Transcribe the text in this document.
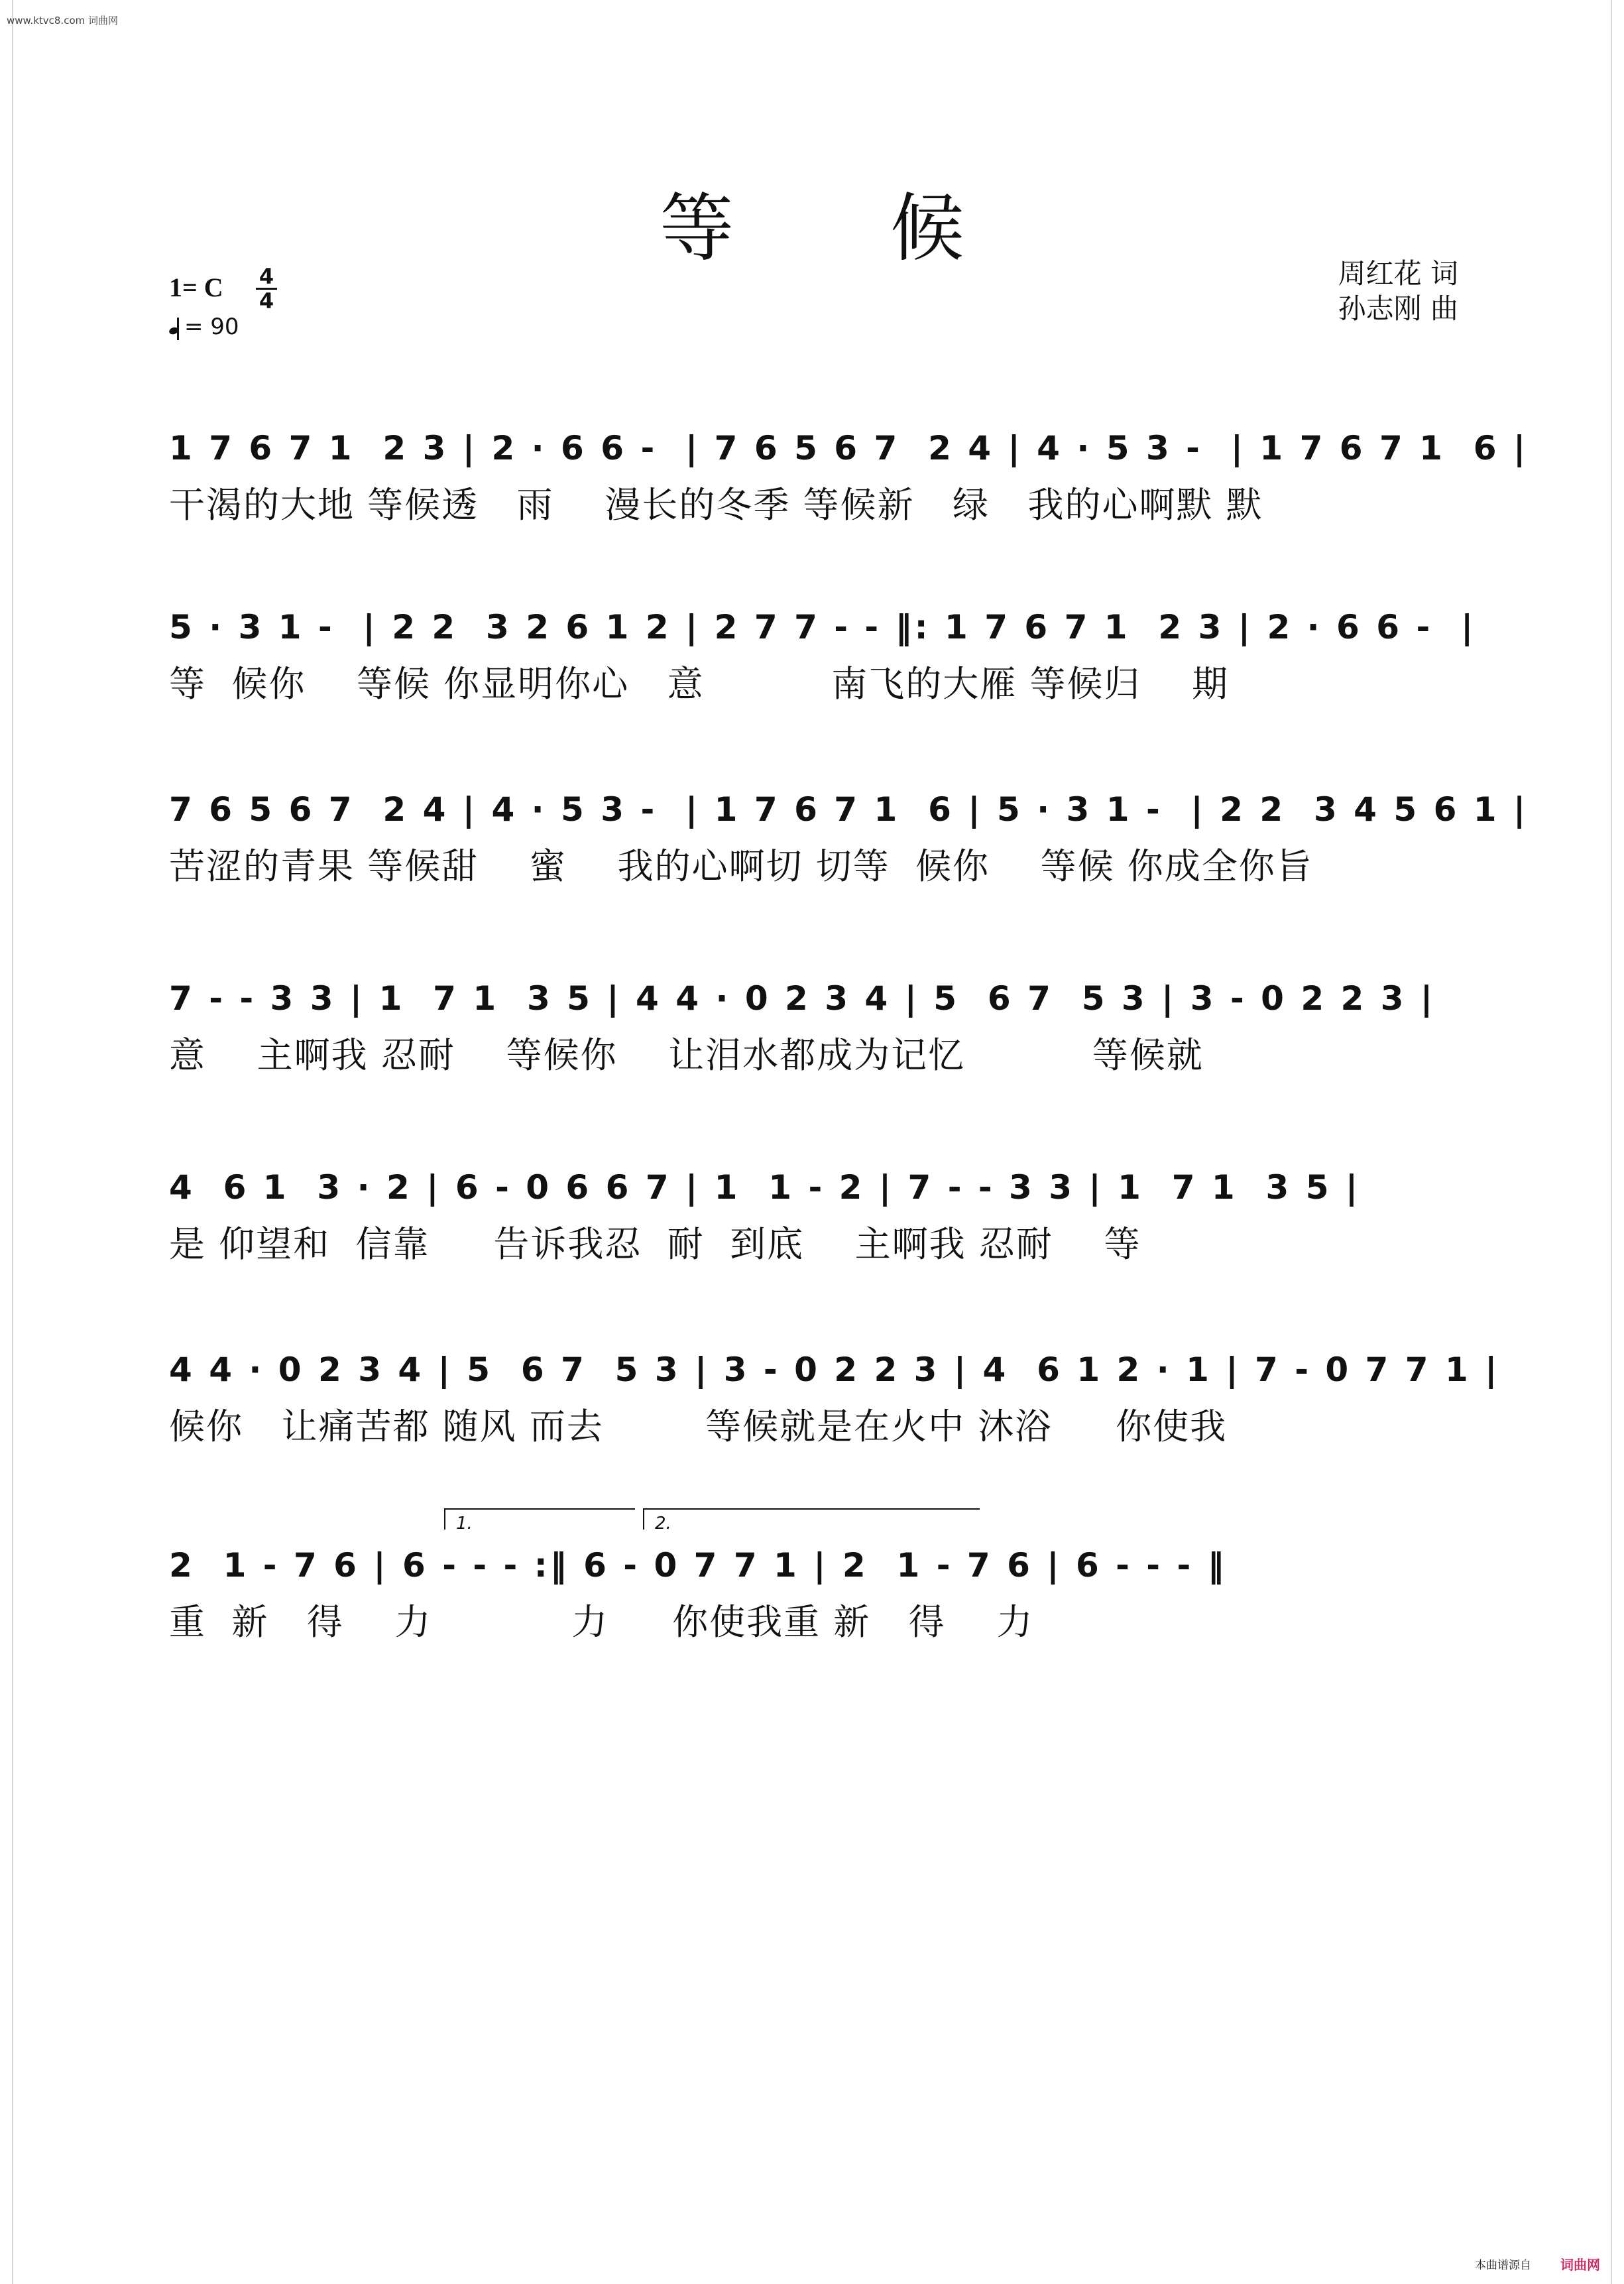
www.ktvc8.com 词曲网
等 候
1= C 4
4
= 90
周红花 词
孙志刚 曲
1 7 6 7 1  2 3 | 2 · 6 6 -  | 7 6 5 6 7  2 4 | 4 · 5 3 -  | 1 7 6 7 1  6 |
干渴的大地 等候透   雨    漫长的冬季 等候新   绿   我的心啊默 默
5 · 3 1 -  | 2 2  3 2 6 1 2 | 2 7 7 - - ‖: 1 7 6 7 1  2 3 | 2 · 6 6 -  |
等  候你    等候 你显明你心   意          南飞的大雁 等候归    期
7 6 5 6 7  2 4 | 4 · 5 3 -  | 1 7 6 7 1  6 | 5 · 3 1 -  | 2 2  3 4 5 6 1 |
苦涩的青果 等候甜    蜜    我的心啊切 切等  候你    等候 你成全你旨
7 - - 3 3 | 1  7 1  3 5 | 4 4 · 0 2 3 4 | 5  6 7  5 3 | 3 - 0 2 2 3 |
意    主啊我 忍耐    等候你    让泪水都成为记忆          等候就
4  6 1  3 · 2 | 6 - 0 6 6 7 | 1  1 - 2 | 7 - - 3 3 | 1  7 1  3 5 |
是 仰望和  信靠     告诉我忍  耐  到底    主啊我 忍耐    等
4 4 · 0 2 3 4 | 5  6 7  5 3 | 3 - 0 2 2 3 | 4  6 1 2 · 1 | 7 - 0 7 7 1 |
候你   让痛苦都 随风 而去        等候就是在火中 沐浴     你使我
1.	2.
2  1 - 7 6 | 6 - - - :‖ 6 - 0 7 7 1 | 2  1 - 7 6 | 6 - - - ‖
重  新   得    力           力     你使我重 新   得    力
本曲谱源自 词曲网
